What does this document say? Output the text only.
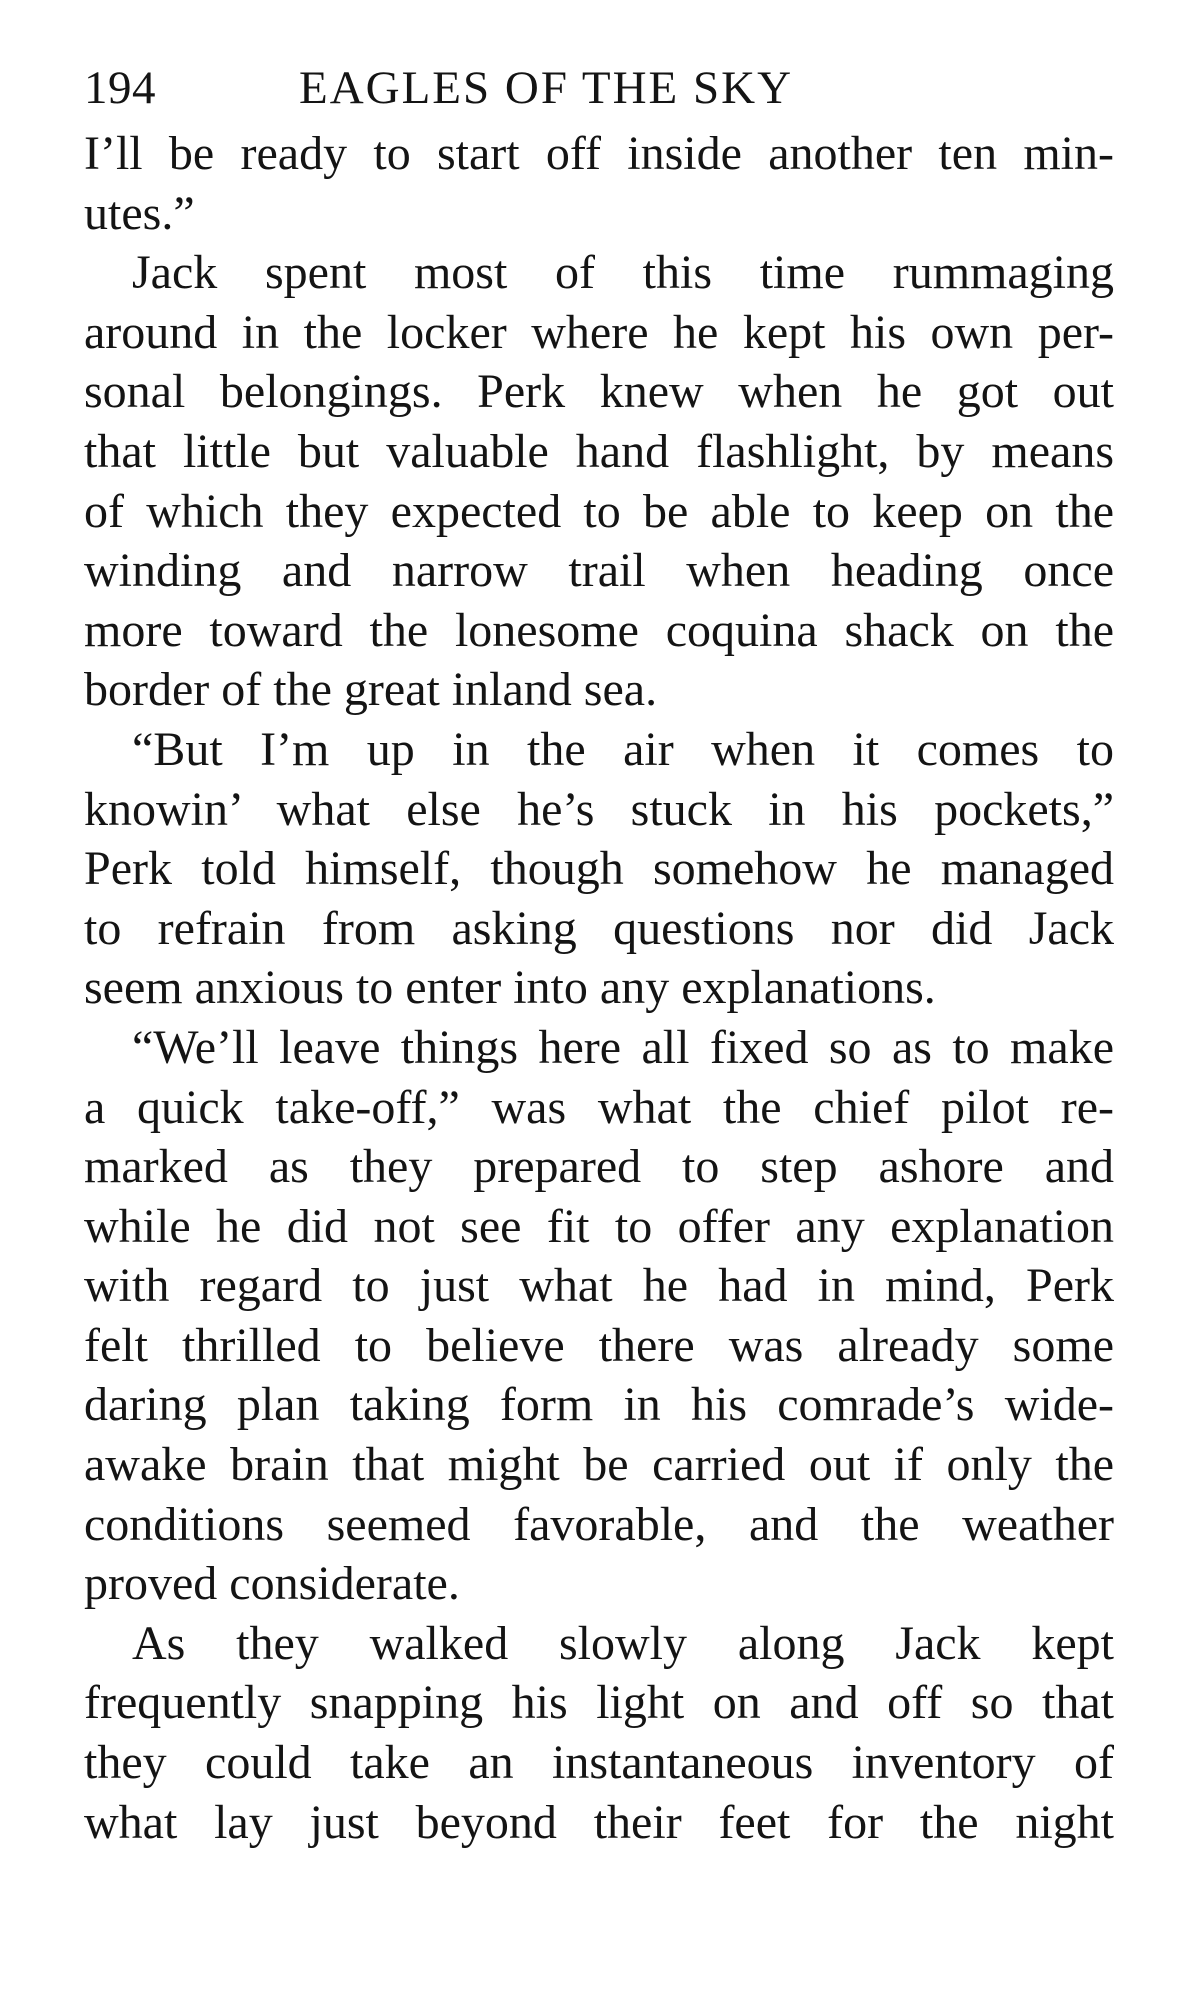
194	EAGLES OF THE SKY

I’ll be ready to start off inside another ten min-
utes.”

Jack spent most of this time rummaging
around in the locker where he kept his own per-
sonal belongings. Perk knew when he got out
that little but valuable hand flashlight, by means
of which they expected to be able to keep on the
winding and narrow trail when heading once
more toward the lonesome coquina shack on the
border of the great inland sea.

“But I’m up in the air when it comes to
knowin’ what else he’s stuck in his pockets,”
Perk told himself, though somehow he managed
to refrain from asking questions nor did Jack
seem anxious to enter into any explanations.

“We’ll leave things here all fixed so as to make
a quick take-off,” was what the chief pilot re-
marked as they prepared to step ashore and
while he did not see fit to offer any explanation
with regard to just what he had in mind, Perk
felt thrilled to believe there was already some
daring plan taking form in his comrade’s wide-
awake brain that might be carried out if only the
conditions seemed favorable, and the weather
proved considerate.

As they walked slowly along Jack kept
frequently snapping his light on and off so that
they could take an instantaneous inventory of
what lay just beyond their feet for the night
